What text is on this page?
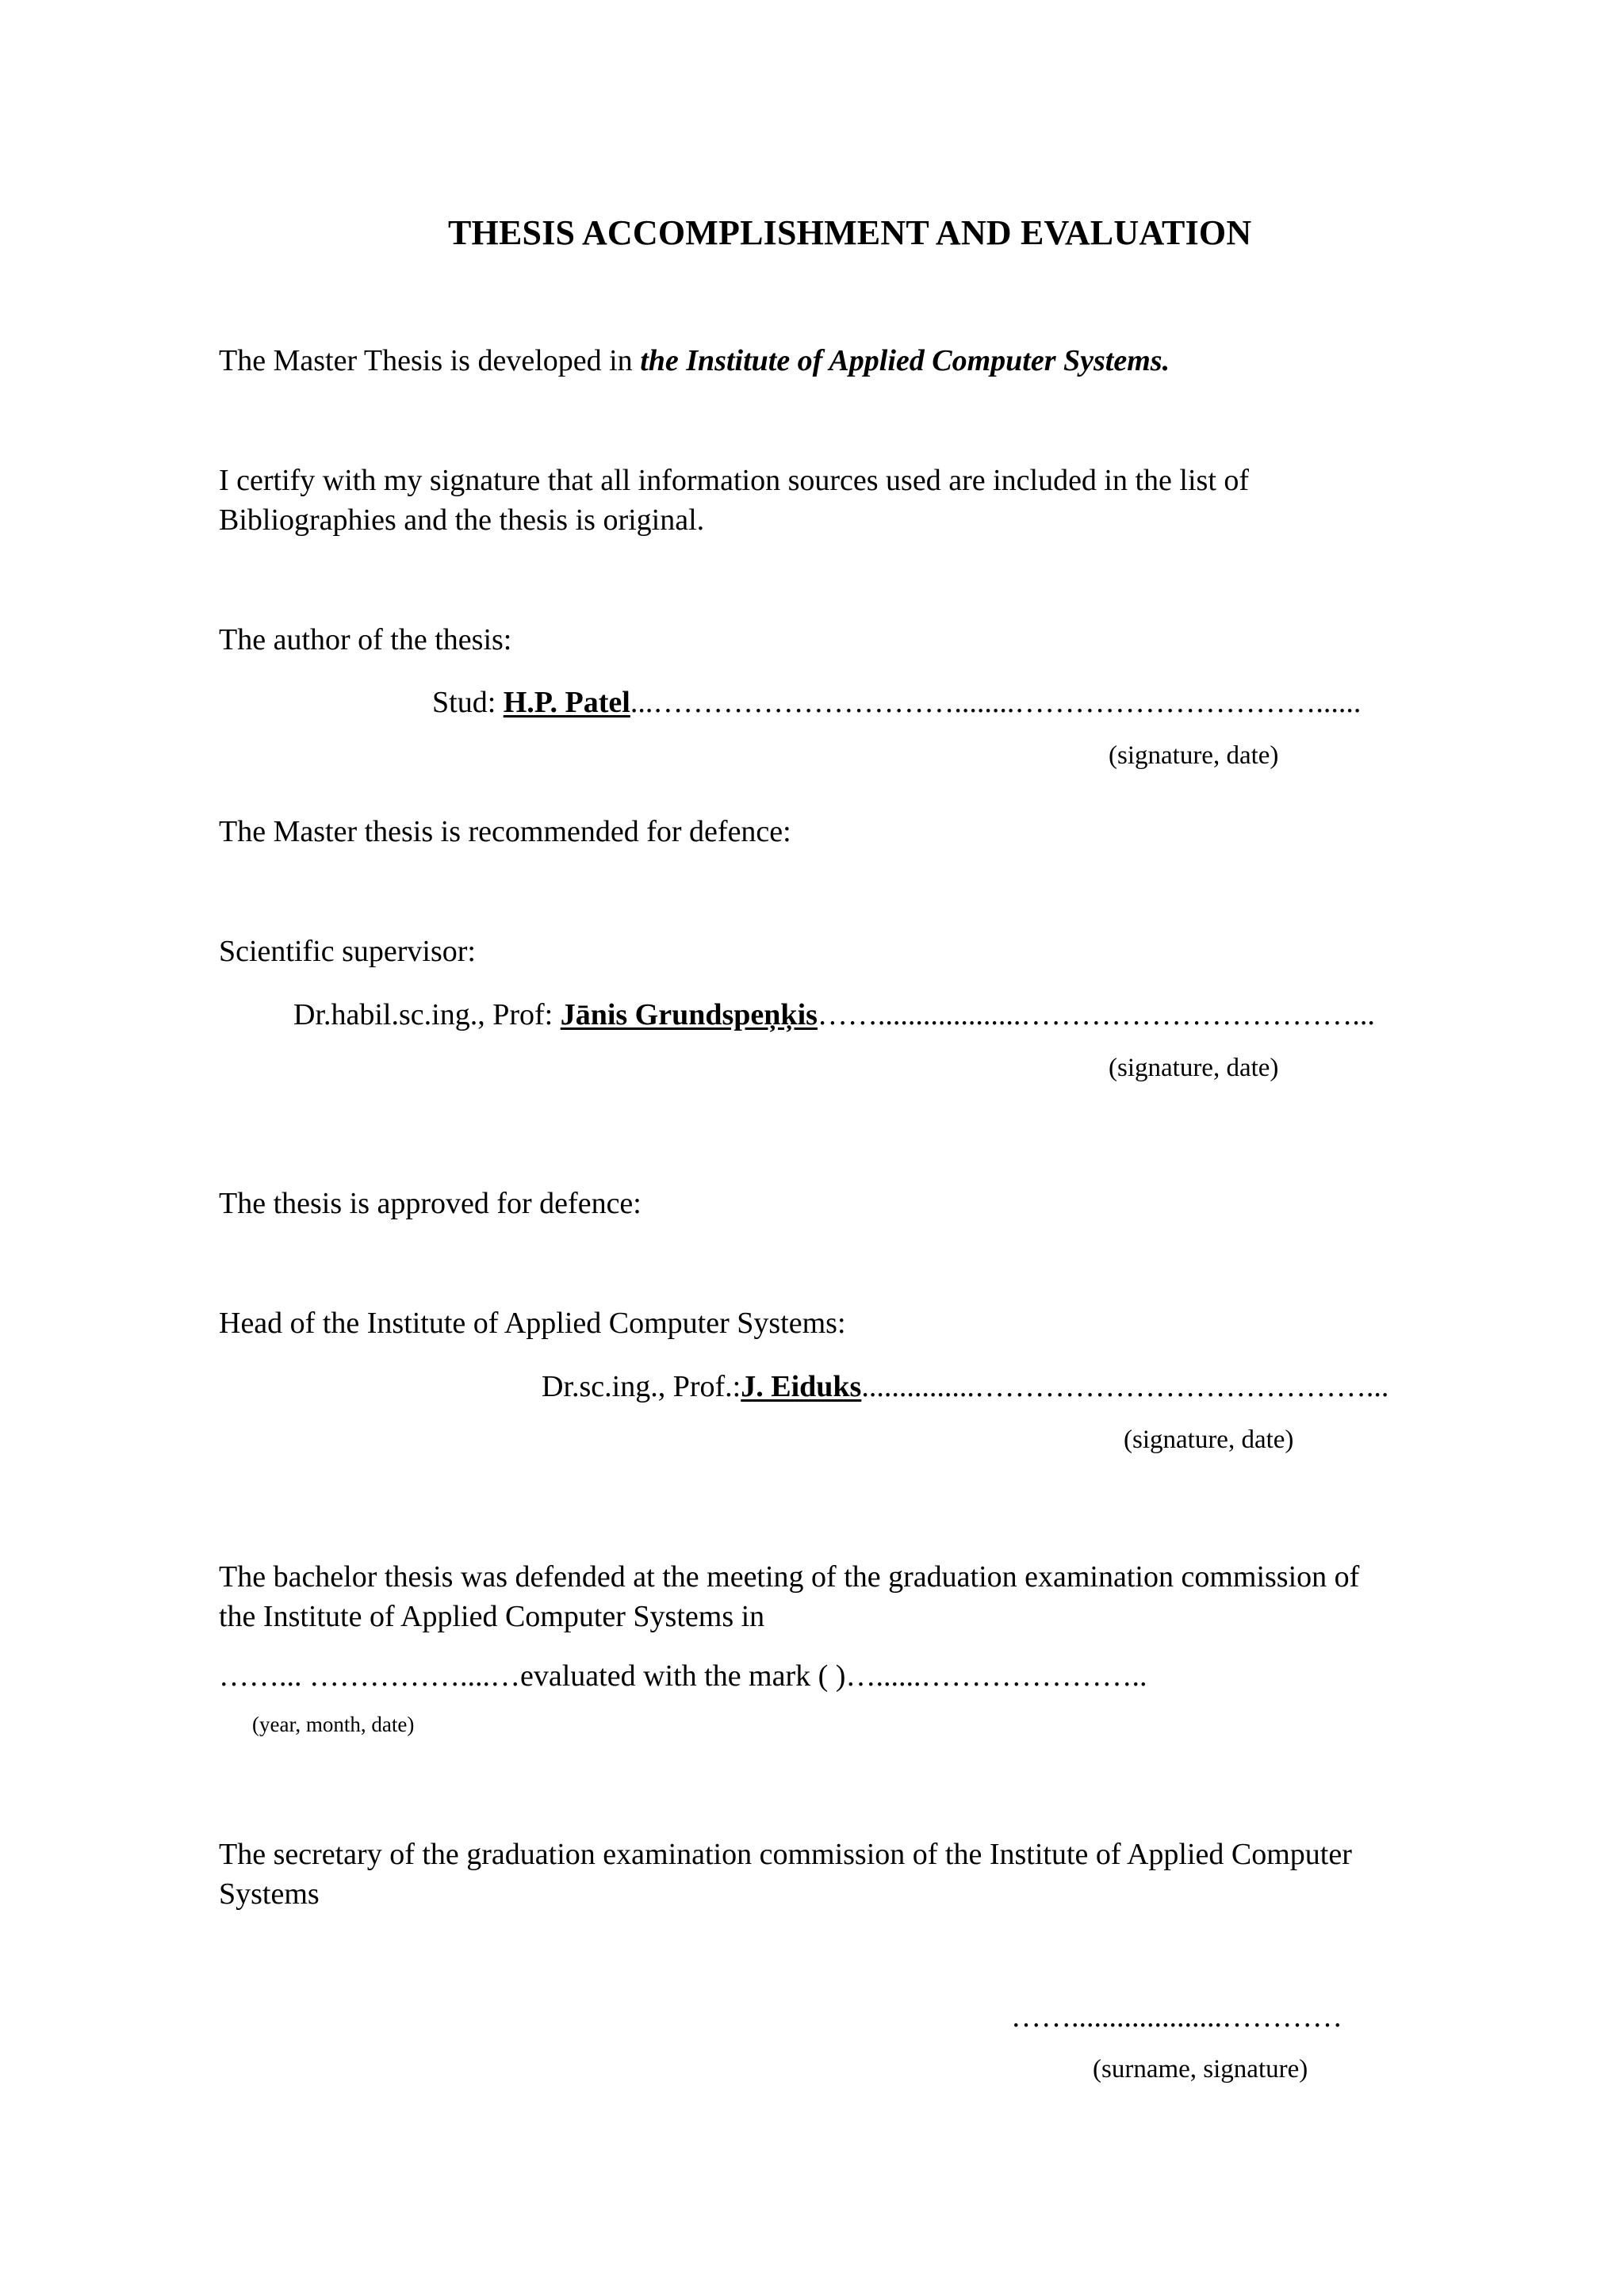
THESIS ACCOMPLISHMENT AND EVALUATION

The Master Thesis is developed in the Institute of Applied Computer Systems.

I certify with my signature that all information sources used are included in the list of

Bibliographies and the thesis is original.

The author of the thesis:

Stud: H.P. Patel...…………………………........…………………………......

(signature, date)

The Master thesis is recommended for defence:

Scientific supervisor:

Dr.habil.sc.ing., Prof: Jānis Grundspeņķis……...................……………………………...

(signature, date)

The thesis is approved for defence:

Head of the Institute of Applied Computer Systems:

Dr.sc.ing., Prof.:J. Eiduks...............…………………………………...

(signature, date)

The bachelor thesis was defended at the meeting of the graduation examination commission of

the Institute of Applied Computer Systems in

……... ……………....…evaluated with the mark ( )…......…………………..

(year, month, date)

The secretary of the graduation examination commission of the Institute of Applied Computer

Systems

……....................…………

(surname, signature)
